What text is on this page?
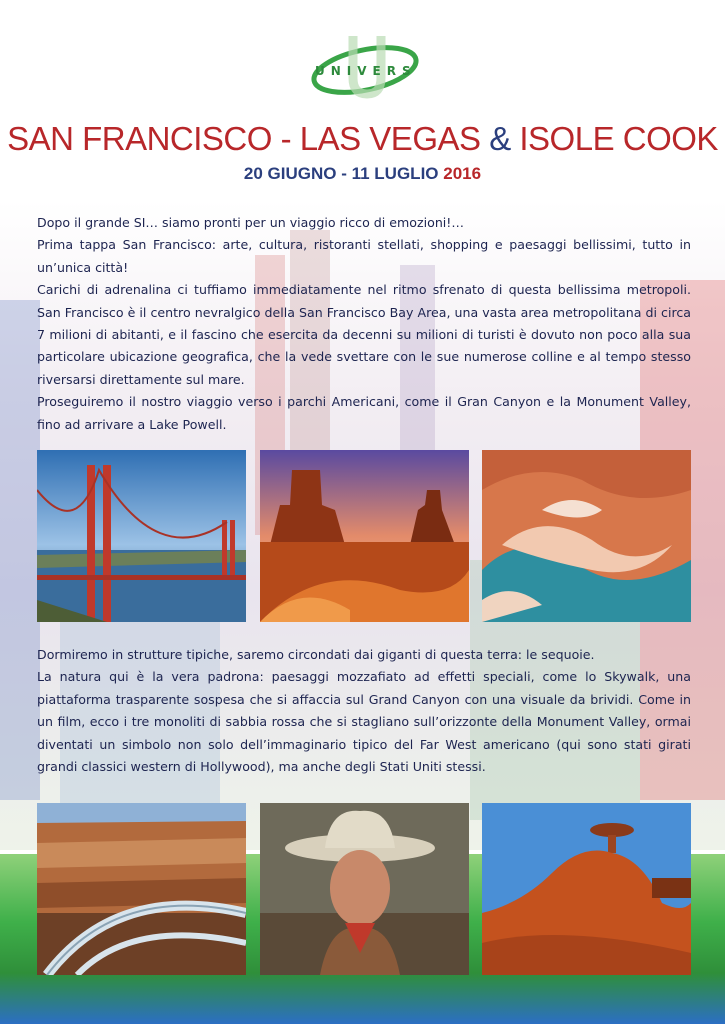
UNIVERS
SAN FRANCISCO - LAS VEGAS & ISOLE COOK
20 GIUGNO - 11 LUGLIO 2016

Dopo il grande SI… siamo pronti per un viaggio ricco di emozioni!…

Prima tappa San Francisco: arte, cultura, ristoranti stellati, shopping e paesaggi bellissimi, tutto in un’unica città!

Carichi di adrenalina ci tuffiamo immediatamente nel ritmo sfrenato di questa bellissima metropoli. San Francisco è il centro nevralgico della San Francisco Bay Area, una vasta area metropolitana di circa 7 milioni di abitanti, e il fascino che esercita da decenni su milioni di turisti è dovuto non poco alla sua particolare ubicazione geografica, che la vede svettare con le sue numerose colline e al tempo stesso riversarsi direttamente sul mare.

Proseguiremo il nostro viaggio verso i parchi Americani, come il Gran Canyon e la Monument Valley, fino ad arrivare a Lake Powell.

Dormiremo in strutture tipiche, saremo circondati dai giganti di questa terra: le sequoie.

La natura qui è la vera padrona: paesaggi mozzafiato ad effetti speciali, come lo Skywalk, una piattaforma trasparente sospesa che si affaccia sul Grand Canyon con una visuale da brividi. Come in un film, ecco i tre monoliti di sabbia rossa che si stagliano sull’orizzonte della Monument Valley, ormai diventati un simbolo non solo dell’immaginario tipico del Far West americano (qui sono stati girati grandi classici western di Hollywood), ma anche degli Stati Uniti stessi.
